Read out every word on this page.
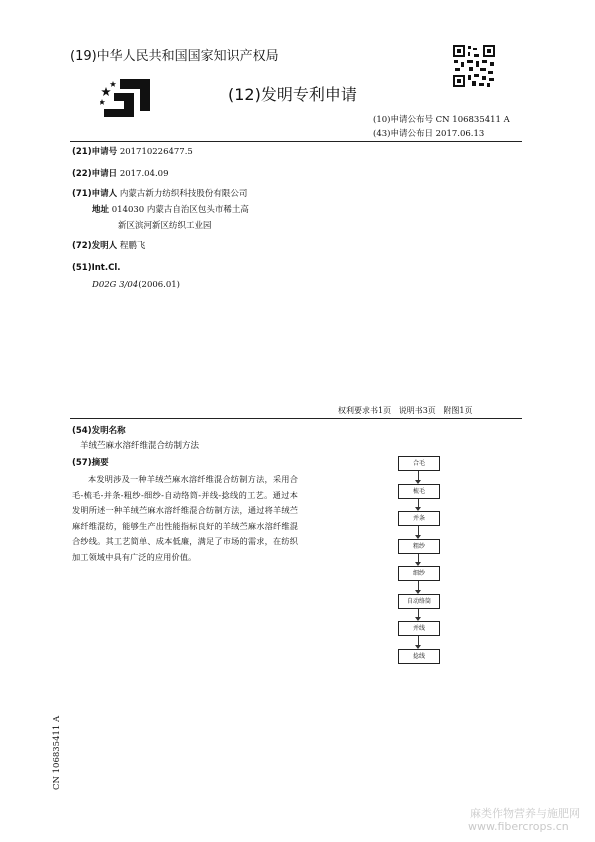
(19)中华人民共和国国家知识产权局
(12)发明专利申请
(10)申请公布号 CN 106835411 A
(43)申请公布日 2017.06.13
(21)申请号 201710226477.5
(22)申请日 2017.04.09
(71)申请人 内蒙古新力纺织科技股份有限公司
地址 014030 内蒙古自治区包头市稀土高
新区滨河新区纺织工业园
(72)发明人 程鹏飞
(51)Int.Cl.
D02G 3/04(2006.01)
权利要求书1页   说明书3页   附图1页
(54)发明名称
羊绒苎麻水溶纤维混合纺制方法
(57)摘要
本发明涉及一种羊绒苎麻水溶纤维混合纺制方法，采用合毛-梳毛-并条-粗纱-细纱-自动络筒-并线-捻线的工艺。通过本发明所述一种羊绒苎麻水溶纤维混合纺制方法，通过将羊绒苎麻纤维混纺，能够生产出性能指标良好的羊绒苎麻水溶纤维混合纱线。其工艺简单、成本低廉，满足了市场的需求，在纺织加工领域中具有广泛的应用价值。
合毛
梳毛
并条
粗纱
细纱
自动络筒
并线
捻线
CN 106835411 A
麻类作物营养与施肥网
www.fibercrops.cn
